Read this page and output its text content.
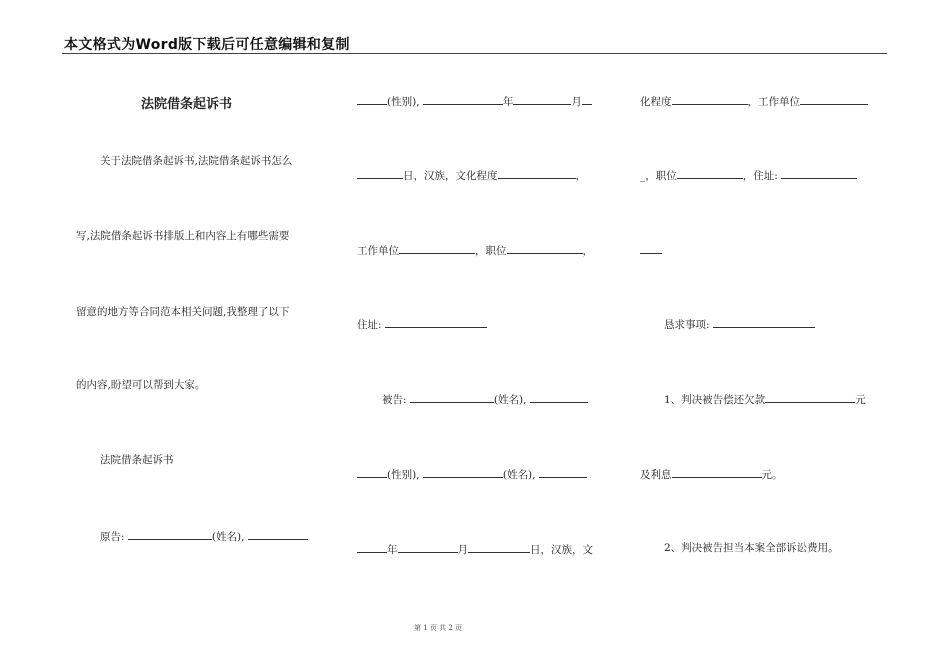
本文格式为Word版下载后可任意编辑和复制
法院借条起诉书
关于法院借条起诉书,法院借条起诉书怎么
写,法院借条起诉书排版上和内容上有哪些需要
留意的地方等合同范本相关问题,我整理了以下
的内容,盼望可以帮到大家。
法院借条起诉书
原告:	(姓名),
(性别),	年	月
日，汉族，文化程度	，
工作单位	，职位	，
住址:
被告:	(姓名),
(性别),	(姓名),
年	月	日，汉族，文
化程度	，工作单位
_，职位	，住址:
恳求事项:
1、判决被告偿还欠款	元
及利息	元。
2、判决被告担当本案全部诉讼费用。
第 1 页 共 2 页
